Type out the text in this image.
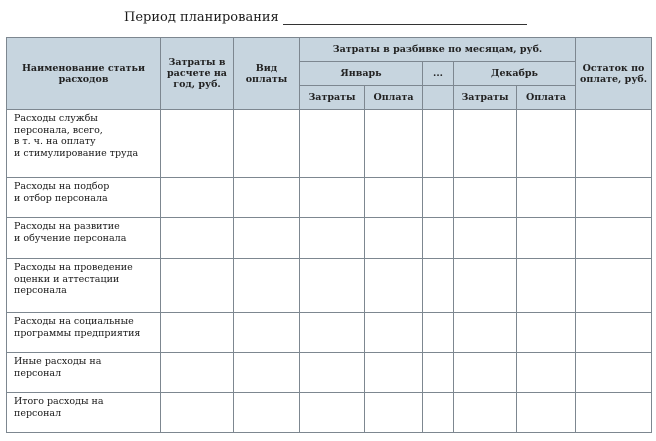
Период планирования
Наименование статьи расходов	Затраты в расчете на год, руб.	Вид оплаты	Затраты в разбивке по месяцам, руб.					Остаток по оплате, руб.
			Январь		...	Декабрь		
			Затраты	Оплата		Затраты	Оплата	
Расходы службы персонала, всего,
в т. ч. на оплату
и стимулирование труда								
Расходы на подбор
и отбор персонала								
Расходы на развитие
и обучение персонала								
Расходы на проведение
оценки и аттестации
персонала								
Расходы на социальные
программы предприятия								
Иные расходы на
персонал								
Итого расходы на
персонал								
